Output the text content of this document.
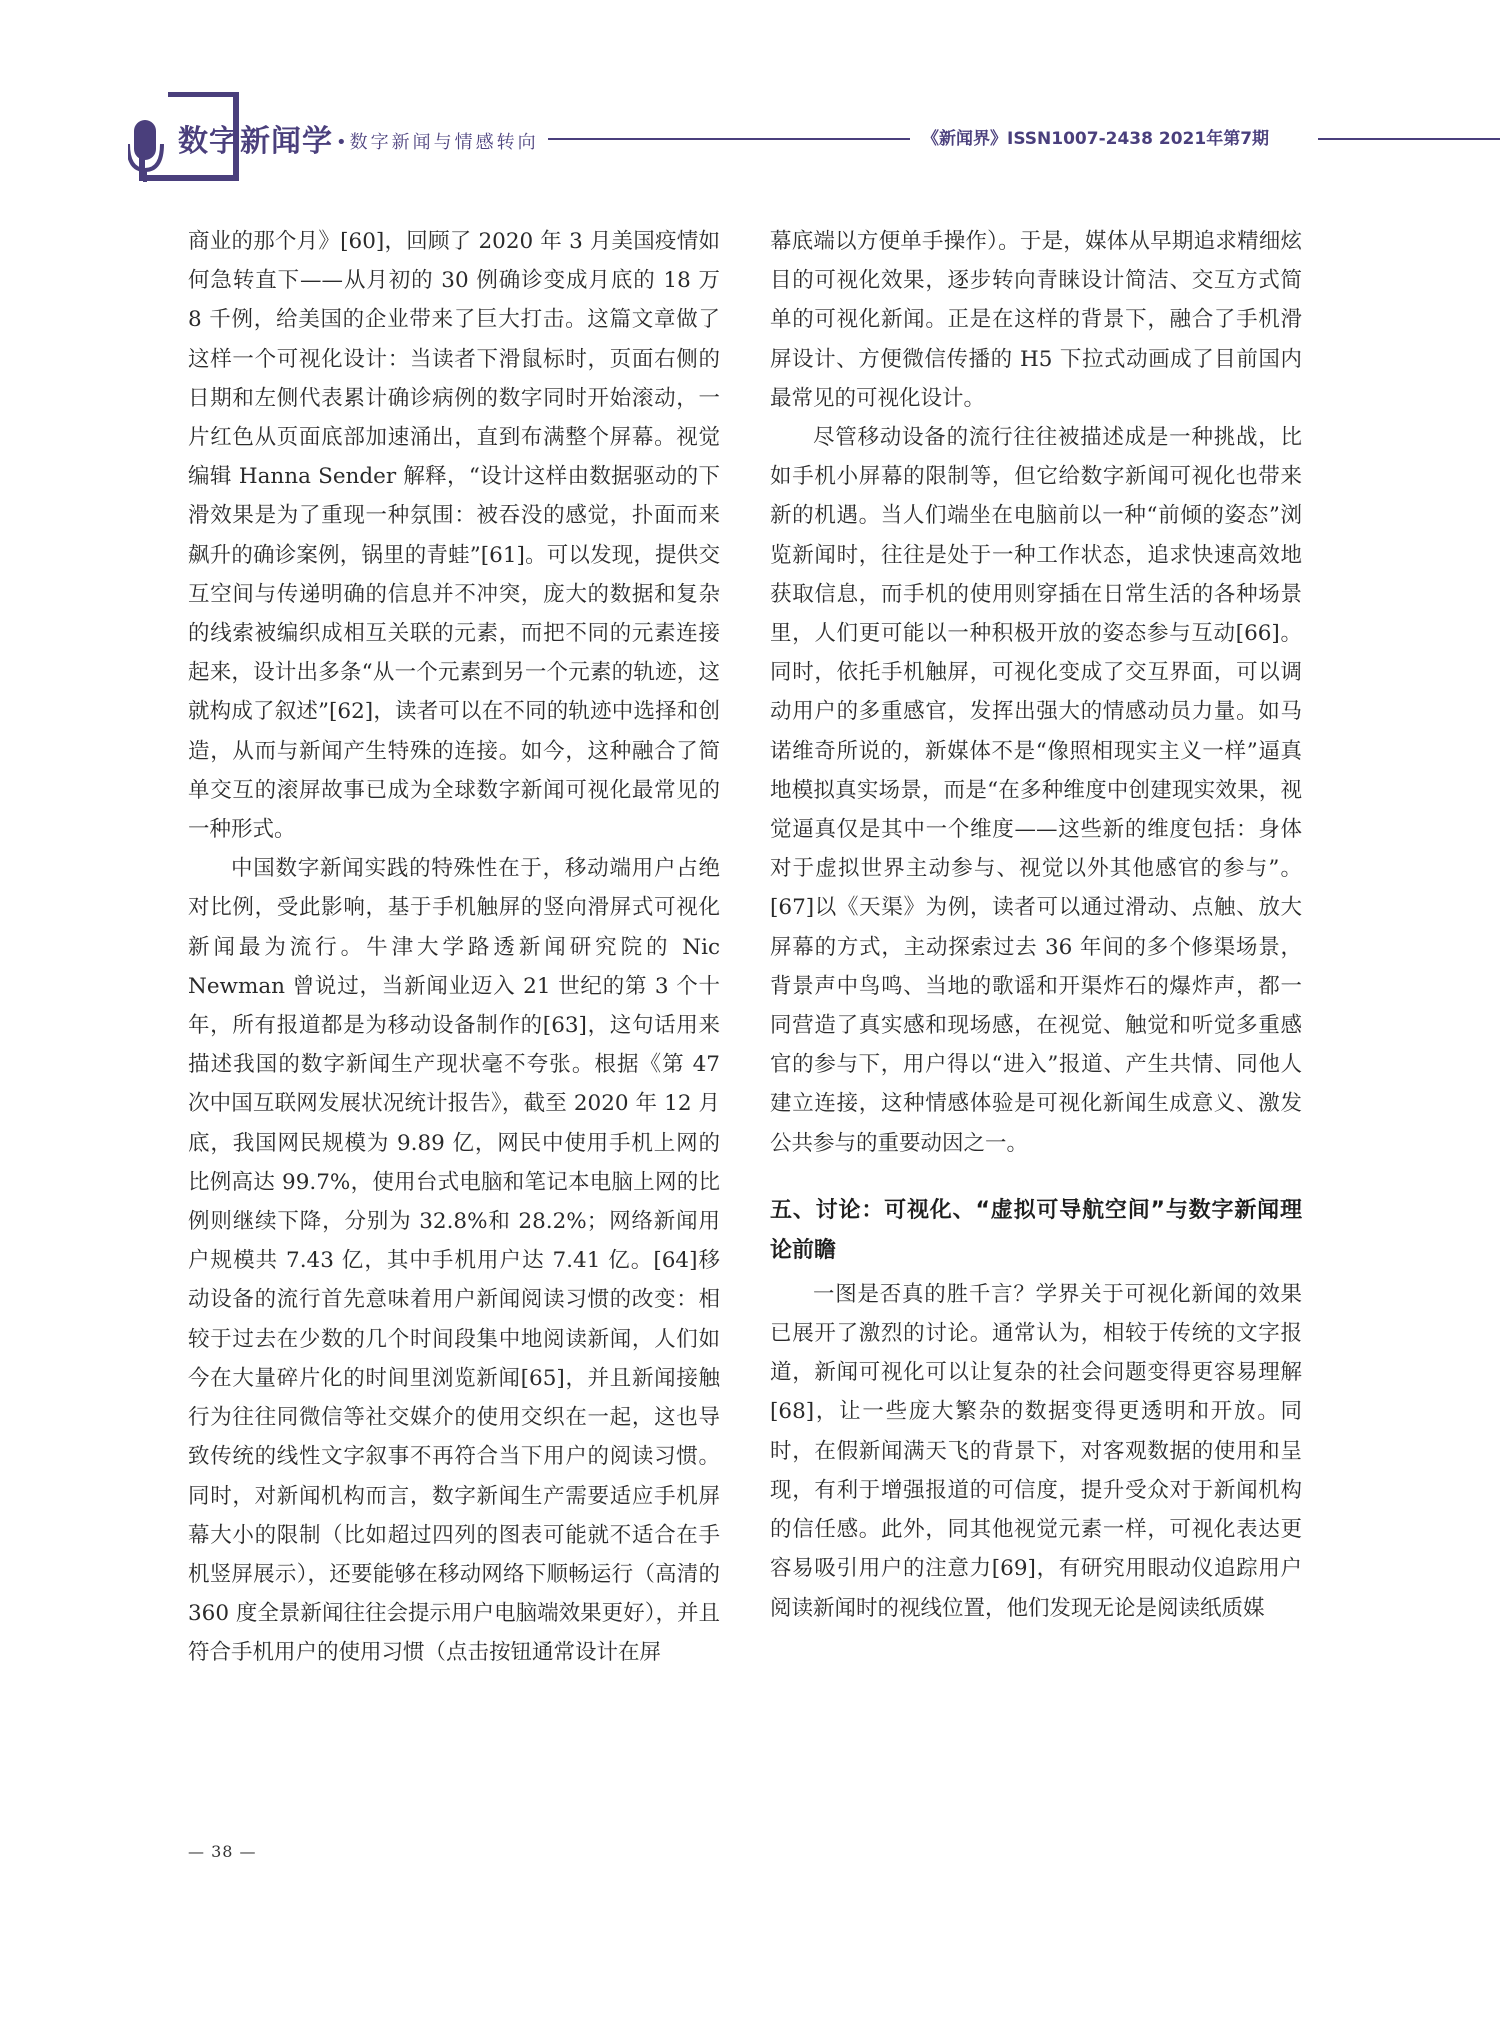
数字新闻学 •数字新闻与情感转向	《新闻界》ISSN1007-2438 2021年第7期

商业的那个月》[60]，回顾了 2020 年 3 月美国疫情如何急转直下——从月初的 30 例确诊变成月底的 18 万 8 千例，给美国的企业带来了巨大打击。这篇文章做了这样一个可视化设计：当读者下滑鼠标时，页面右侧的日期和左侧代表累计确诊病例的数字同时开始滚动，一片红色从页面底部加速涌出，直到布满整个屏幕。视觉编辑 Hanna Sender 解释，“设计这样由数据驱动的下滑效果是为了重现一种氛围：被吞没的感觉，扑面而来飙升的确诊案例，锅里的青蛙”[61]。可以发现，提供交互空间与传递明确的信息并不冲突，庞大的数据和复杂的线索被编织成相互关联的元素，而把不同的元素连接起来，设计出多条“从一个元素到另一个元素的轨迹，这就构成了叙述”[62]，读者可以在不同的轨迹中选择和创造，从而与新闻产生特殊的连接。如今，这种融合了简单交互的滚屏故事已成为全球数字新闻可视化最常见的一种形式。

中国数字新闻实践的特殊性在于，移动端用户占绝对比例，受此影响，基于手机触屏的竖向滑屏式可视化新闻最为流行。牛津大学路透新闻研究院的 Nic Newman 曾说过，当新闻业迈入 21 世纪的第 3 个十年，所有报道都是为移动设备制作的[63]，这句话用来描述我国的数字新闻生产现状毫不夸张。根据《第 47 次中国互联网发展状况统计报告》，截至 2020 年 12 月底，我国网民规模为 9.89 亿，网民中使用手机上网的比例高达 99.7%，使用台式电脑和笔记本电脑上网的比例则继续下降，分别为 32.8%和 28.2%；网络新闻用户规模共 7.43 亿，其中手机用户达 7.41 亿。[64]移动设备的流行首先意味着用户新闻阅读习惯的改变：相较于过去在少数的几个时间段集中地阅读新闻，人们如今在大量碎片化的时间里浏览新闻[65]，并且新闻接触行为往往同微信等社交媒介的使用交织在一起，这也导致传统的线性文字叙事不再符合当下用户的阅读习惯。同时，对新闻机构而言，数字新闻生产需要适应手机屏幕大小的限制（比如超过四列的图表可能就不适合在手机竖屏展示），还要能够在移动网络下顺畅运行（高清的 360 度全景新闻往往会提示用户电脑端效果更好），并且符合手机用户的使用习惯（点击按钮通常设计在屏

幕底端以方便单手操作）。于是，媒体从早期追求精细炫目的可视化效果，逐步转向青睐设计简洁、交互方式简单的可视化新闻。正是在这样的背景下，融合了手机滑屏设计、方便微信传播的 H5 下拉式动画成了目前国内最常见的可视化设计。

尽管移动设备的流行往往被描述成是一种挑战，比如手机小屏幕的限制等，但它给数字新闻可视化也带来新的机遇。当人们端坐在电脑前以一种“前倾的姿态”浏览新闻时，往往是处于一种工作状态，追求快速高效地获取信息，而手机的使用则穿插在日常生活的各种场景里，人们更可能以一种积极开放的姿态参与互动[66]。同时，依托手机触屏，可视化变成了交互界面，可以调动用户的多重感官，发挥出强大的情感动员力量。如马诺维奇所说的，新媒体不是“像照相现实主义一样”逼真地模拟真实场景，而是“在多种维度中创建现实效果，视觉逼真仅是其中一个维度——这些新的维度包括：身体对于虚拟世界主动参与、视觉以外其他感官的参与”。[67]以《天渠》为例，读者可以通过滑动、点触、放大屏幕的方式，主动探索过去 36 年间的多个修渠场景，背景声中鸟鸣、当地的歌谣和开渠炸石的爆炸声，都一同营造了真实感和现场感，在视觉、触觉和听觉多重感官的参与下，用户得以“进入”报道、产生共情、同他人建立连接，这种情感体验是可视化新闻生成意义、激发公共参与的重要动因之一。

五、讨论：可视化、“虚拟可导航空间”与数字新闻理论前瞻

一图是否真的胜千言？学界关于可视化新闻的效果已展开了激烈的讨论。通常认为，相较于传统的文字报道，新闻可视化可以让复杂的社会问题变得更容易理解[68]，让一些庞大繁杂的数据变得更透明和开放。同时，在假新闻满天飞的背景下，对客观数据的使用和呈现，有利于增强报道的可信度，提升受众对于新闻机构的信任感。此外，同其他视觉元素一样，可视化表达更容易吸引用户的注意力[69]，有研究用眼动仪追踪用户阅读新闻时的视线位置，他们发现无论是阅读纸质媒

— 38 —
